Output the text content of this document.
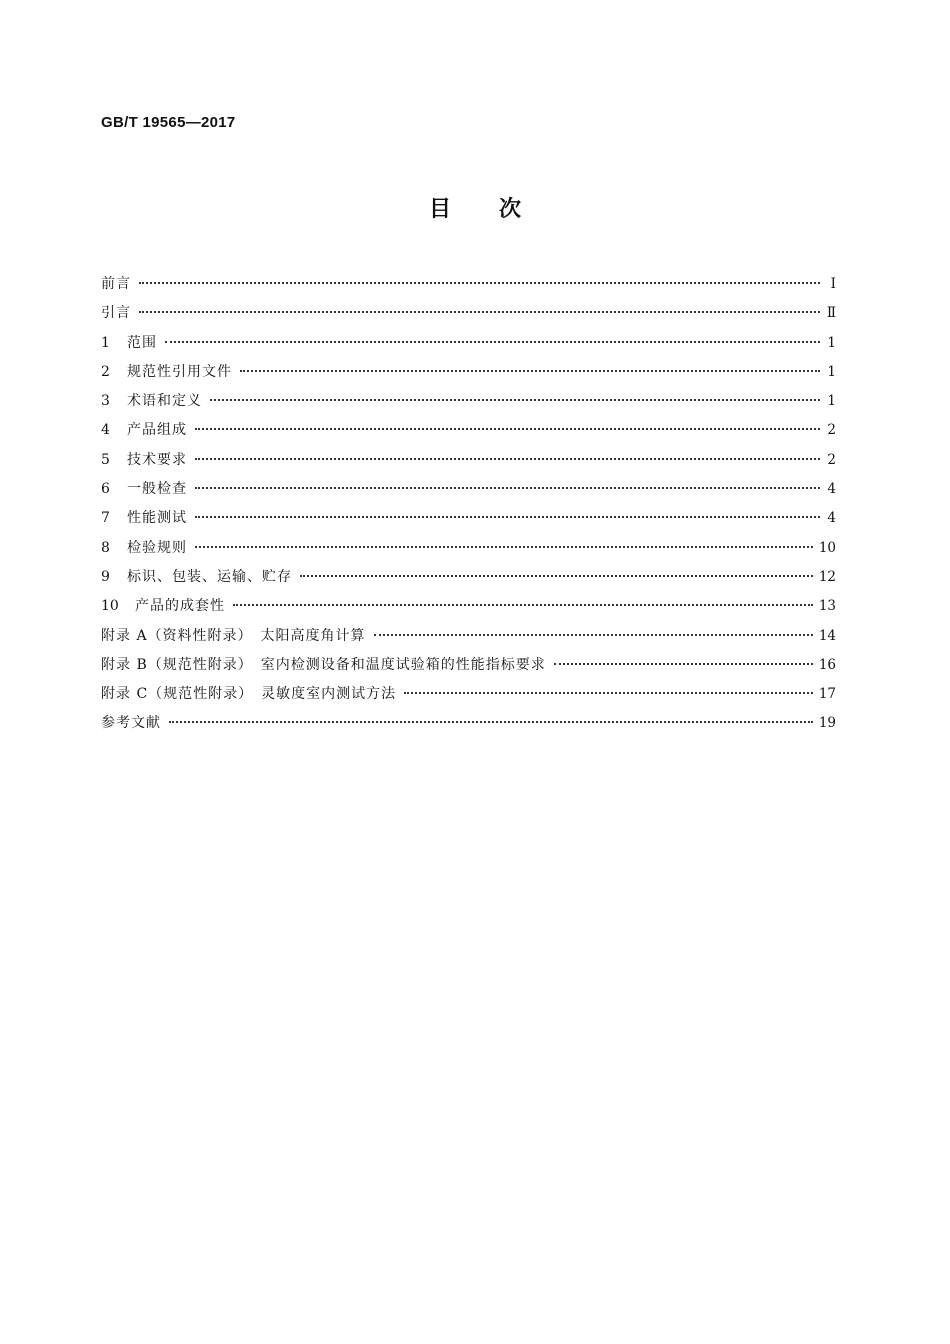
GB/T 19565—2017
目次
前言	Ⅰ
引言	Ⅱ
1	范围	1
2	规范性引用文件	1
3	术语和定义	1
4	产品组成	2
5	技术要求	2
6	一般检查	4
7	性能测试	4
8	检验规则	10
9	标识、包装、运输、贮存	12
10	产品的成套性	13
附录 A（资料性附录）　太阳高度角计算	14
附录 B（规范性附录）　室内检测设备和温度试验箱的性能指标要求	16
附录 C（规范性附录）　灵敏度室内测试方法	17
参考文献	19
